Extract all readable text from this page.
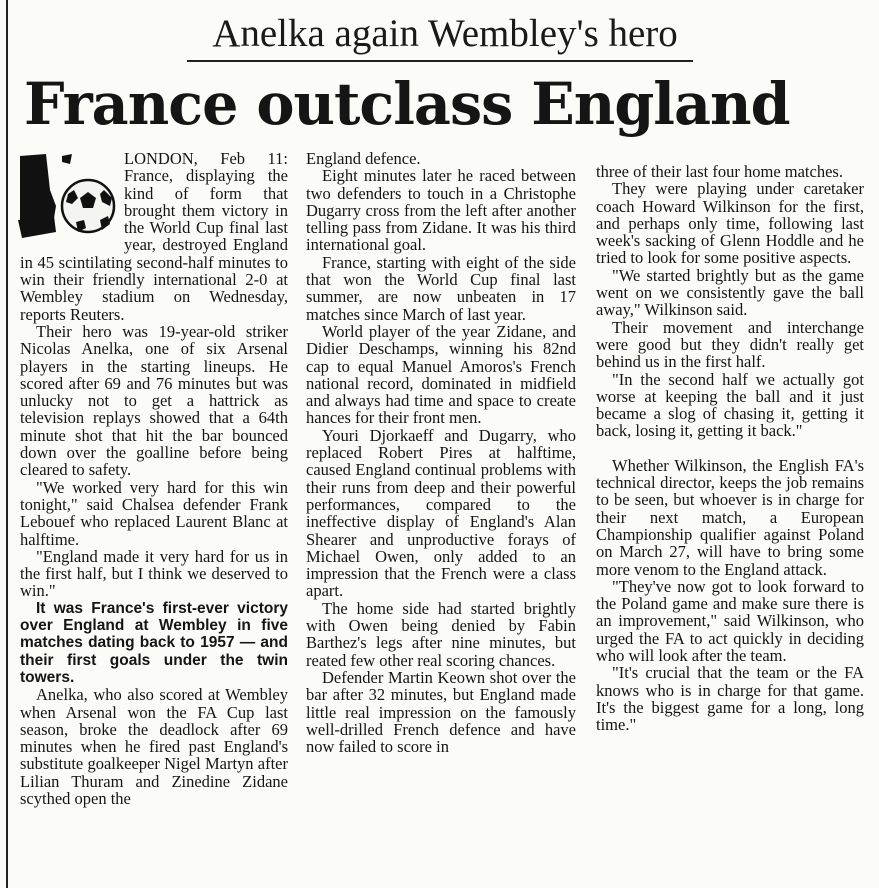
Anelka again Wembley's hero
France outclass England

LONDON, Feb 11: France, displaying the kind of form that brought them victory in the World Cup final last year, destroyed England in 45 scintilating second-half minutes to win their friendly international 2-0 at Wembley stadium on Wednesday, reports Reuters.

Their hero was 19-year-old striker Nicolas Anelka, one of six Arsenal players in the starting lineups. He scored after 69 and 76 minutes but was unlucky not to get a hattrick as television replays showed that a 64th minute shot that hit the bar bounced down over the goalline before being cleared to safety.

"We worked very hard for this win tonight," said Chalsea defender Frank Lebouef who replaced Laurent Blanc at halftime.

"England made it very hard for us in the first half, but I think we deserved to win."

It was France's first-ever victory over England at Wembley in five matches dating back to 1957 — and their first goals under the twin towers.

Anelka, who also scored at Wembley when Arsenal won the FA Cup last season, broke the deadlock after 69 minutes when he fired past England's substitute goalkeeper Nigel Martyn after Lilian Thuram and Zinedine Zidane scythed open the

England defence.

Eight minutes later he raced between two defenders to touch in a Christophe Dugarry cross from the left after another telling pass from Zidane. It was his third international goal.

France, starting with eight of the side that won the World Cup final last summer, are now unbeaten in 17 matches since March of last year.

World player of the year Zidane, and Didier Deschamps, winning his 82nd cap to equal Manuel Amoros's French national record, dominated in midfield and always had time and space to create hances for their front men.

Youri Djorkaeff and Dugarry, who replaced Robert Pires at halftime, caused England continual problems with their runs from deep and their powerful performances, compared to the ineffective display of England's Alan Shearer and unproductive forays of Michael Owen, only added to an impression that the French were a class apart.

The home side had started brightly with Owen being denied by Fabin Barthez's legs after nine minutes, but reated few other real scoring chances.

Defender Martin Keown shot over the bar after 32 minutes, but England made little real impression on the famously well-drilled French defence and have now failed to score in

three of their last four home matches.

They were playing under caretaker coach Howard Wilkinson for the first, and perhaps only time, following last week's sacking of Glenn Hoddle and he tried to look for some positive aspects.

"We started brightly but as the game went on we consistently gave the ball away," Wilkinson said.

Their movement and interchange were good but they didn't really get behind us in the first half.

"In the second half we actually got worse at keeping the ball and it just became a slog of chasing it, getting it back, losing it, getting it back."

Whether Wilkinson, the English FA's technical director, keeps the job remains to be seen, but whoever is in charge for their next match, a European Championship qualifier against Poland on March 27, will have to bring some more venom to the England attack.

"They've now got to look forward to the Poland game and make sure there is an improvement," said Wilkinson, who urged the FA to act quickly in deciding who will look after the team.

"It's crucial that the team or the FA knows who is in charge for that game. It's the biggest game for a long, long time."
